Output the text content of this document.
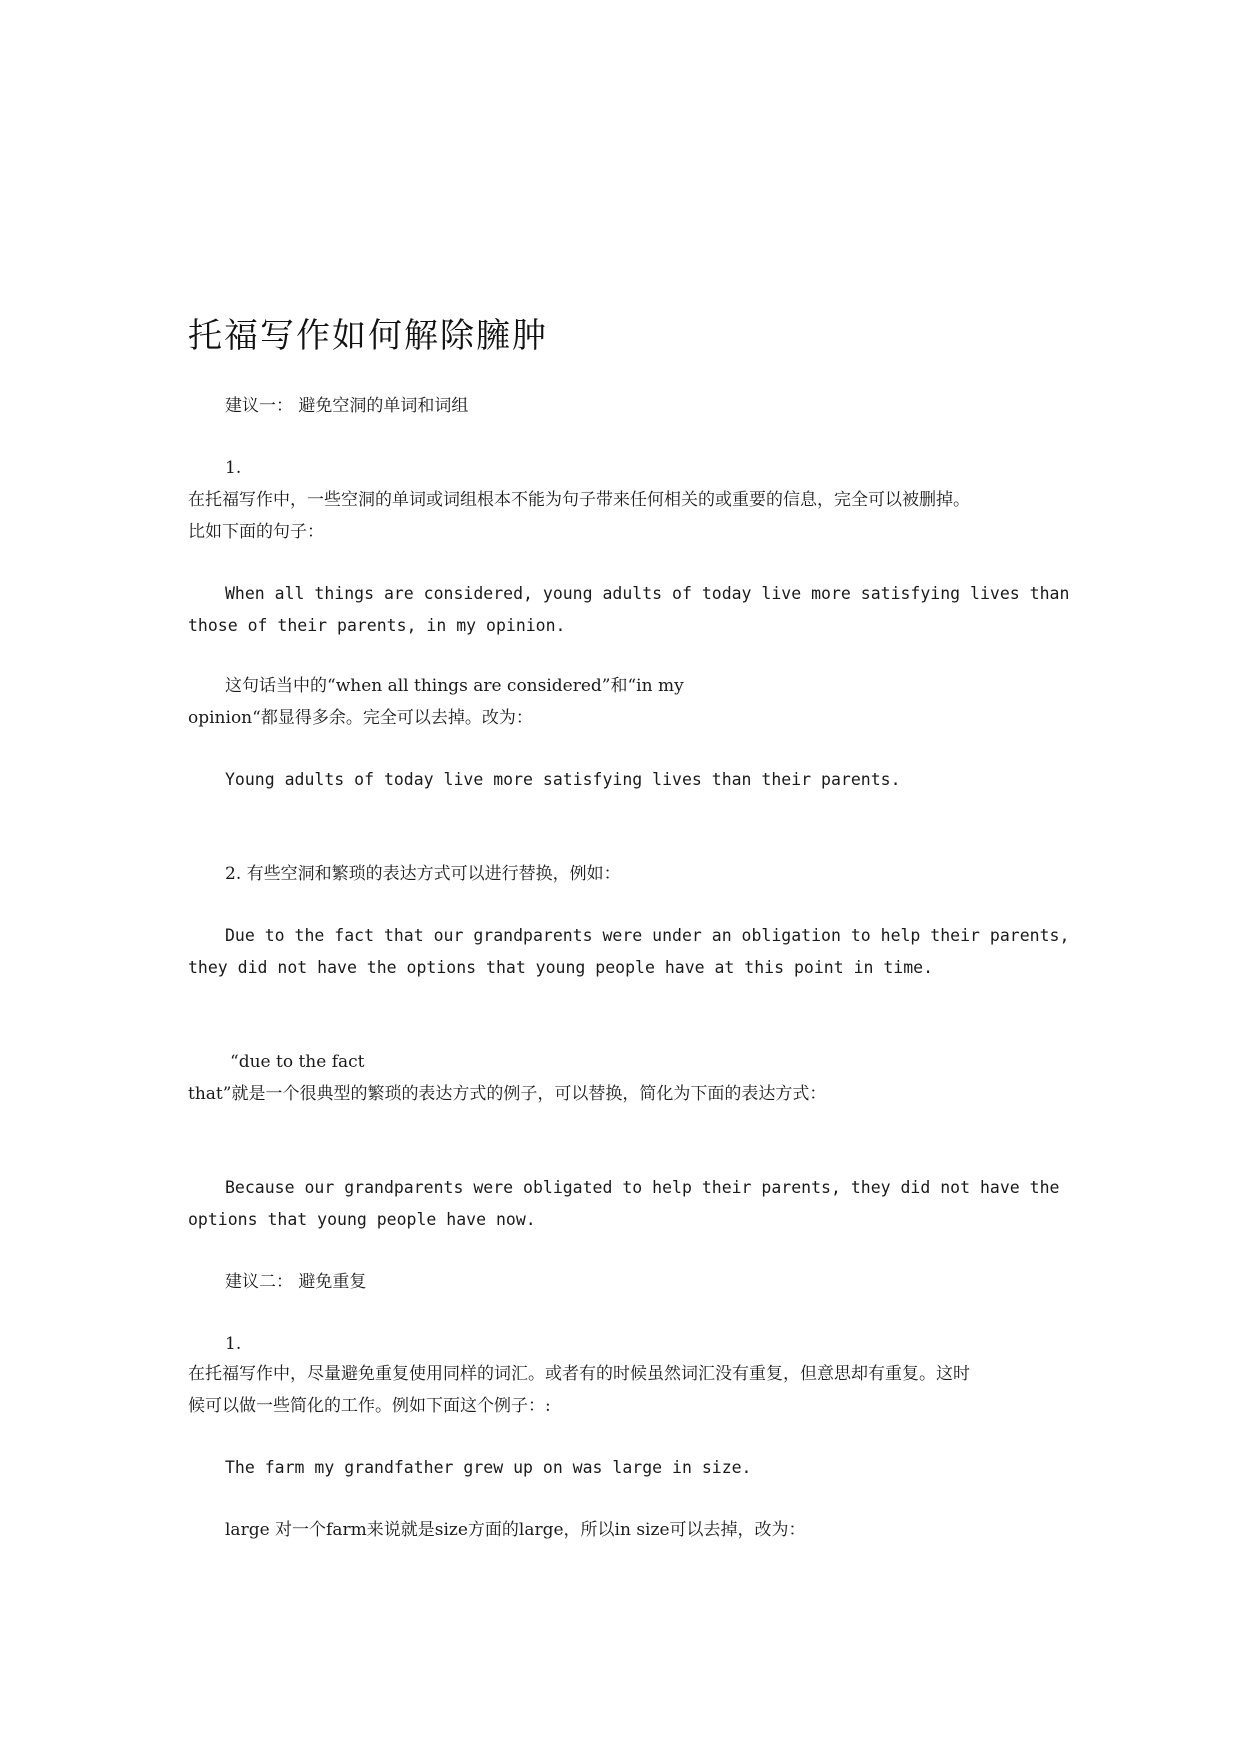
托福写作如何解除臃肿
建议一： 避免空洞的单词和词组
1.
在托福写作中，一些空洞的单词或词组根本不能为句子带来任何相关的或重要的信息，完全可以被删掉。
比如下面的句子：
When all things are considered, young adults of today live more satisfying lives than
those of their parents, in my opinion.
这句话当中的“when all things are considered”和“in my
opinion“都显得多余。完全可以去掉。改为：
Young adults of today live more satisfying lives than their parents.
2. 有些空洞和繁琐的表达方式可以进行替换，例如：
Due to the fact that our grandparents were under an obligation to help their parents,
they did not have the options that young people have at this point in time.
“due to the fact
that”就是一个很典型的繁琐的表达方式的例子，可以替换，简化为下面的表达方式：
Because our grandparents were obligated to help their parents, they did not have the
options that young people have now.
建议二： 避免重复
1.
在托福写作中，尽量避免重复使用同样的词汇。或者有的时候虽然词汇没有重复，但意思却有重复。这时
候可以做一些简化的工作。例如下面这个例子：:
The farm my grandfather grew up on was large in size.
large 对一个farm来说就是size方面的large，所以in size可以去掉，改为：
